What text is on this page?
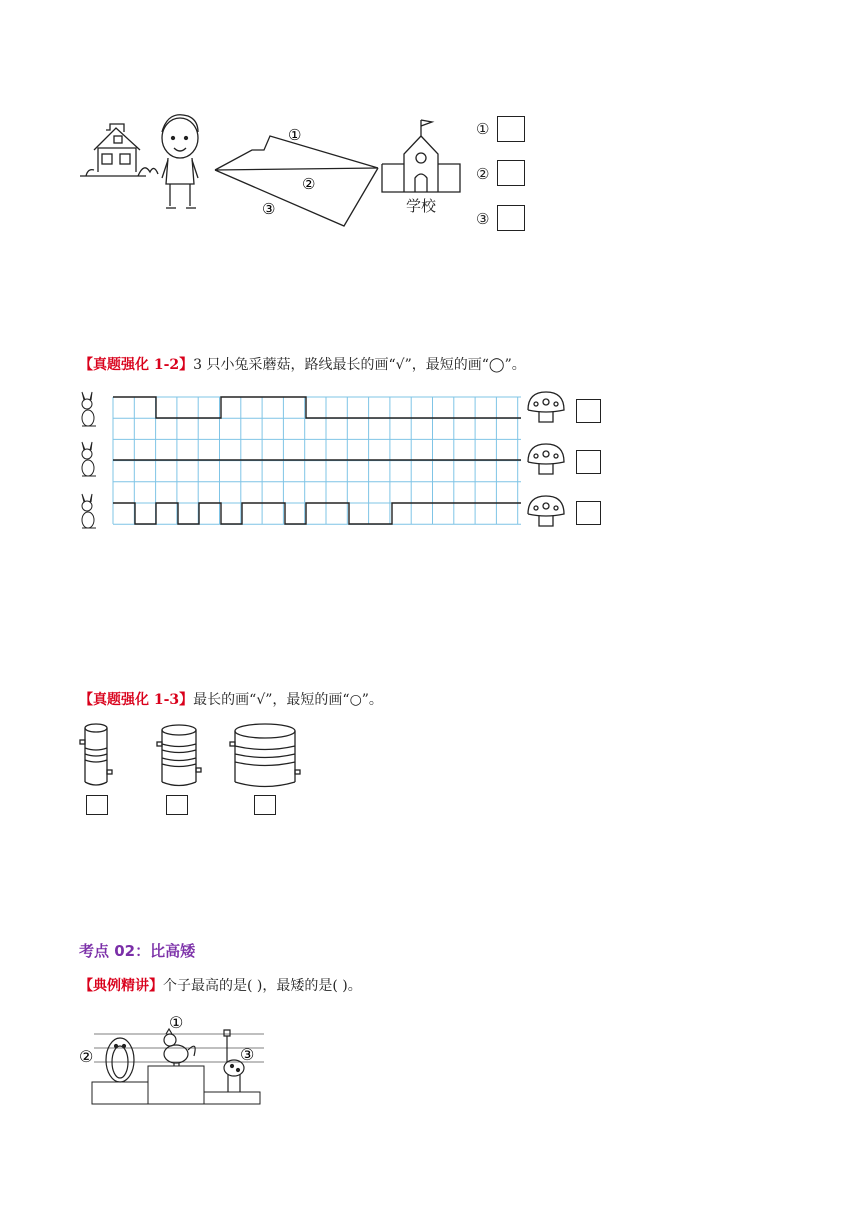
①
②
③	学校
①
②
③
【真题强化 1-2】3 只小兔采蘑菇，路线最长的画“√”，最短的画“◯”。
【真题强化 1-3】最长的画“√”，最短的画“○”。
考点 02：比高矮
【典例精讲】个子最高的是( )，最矮的是( )。
①
②	③
